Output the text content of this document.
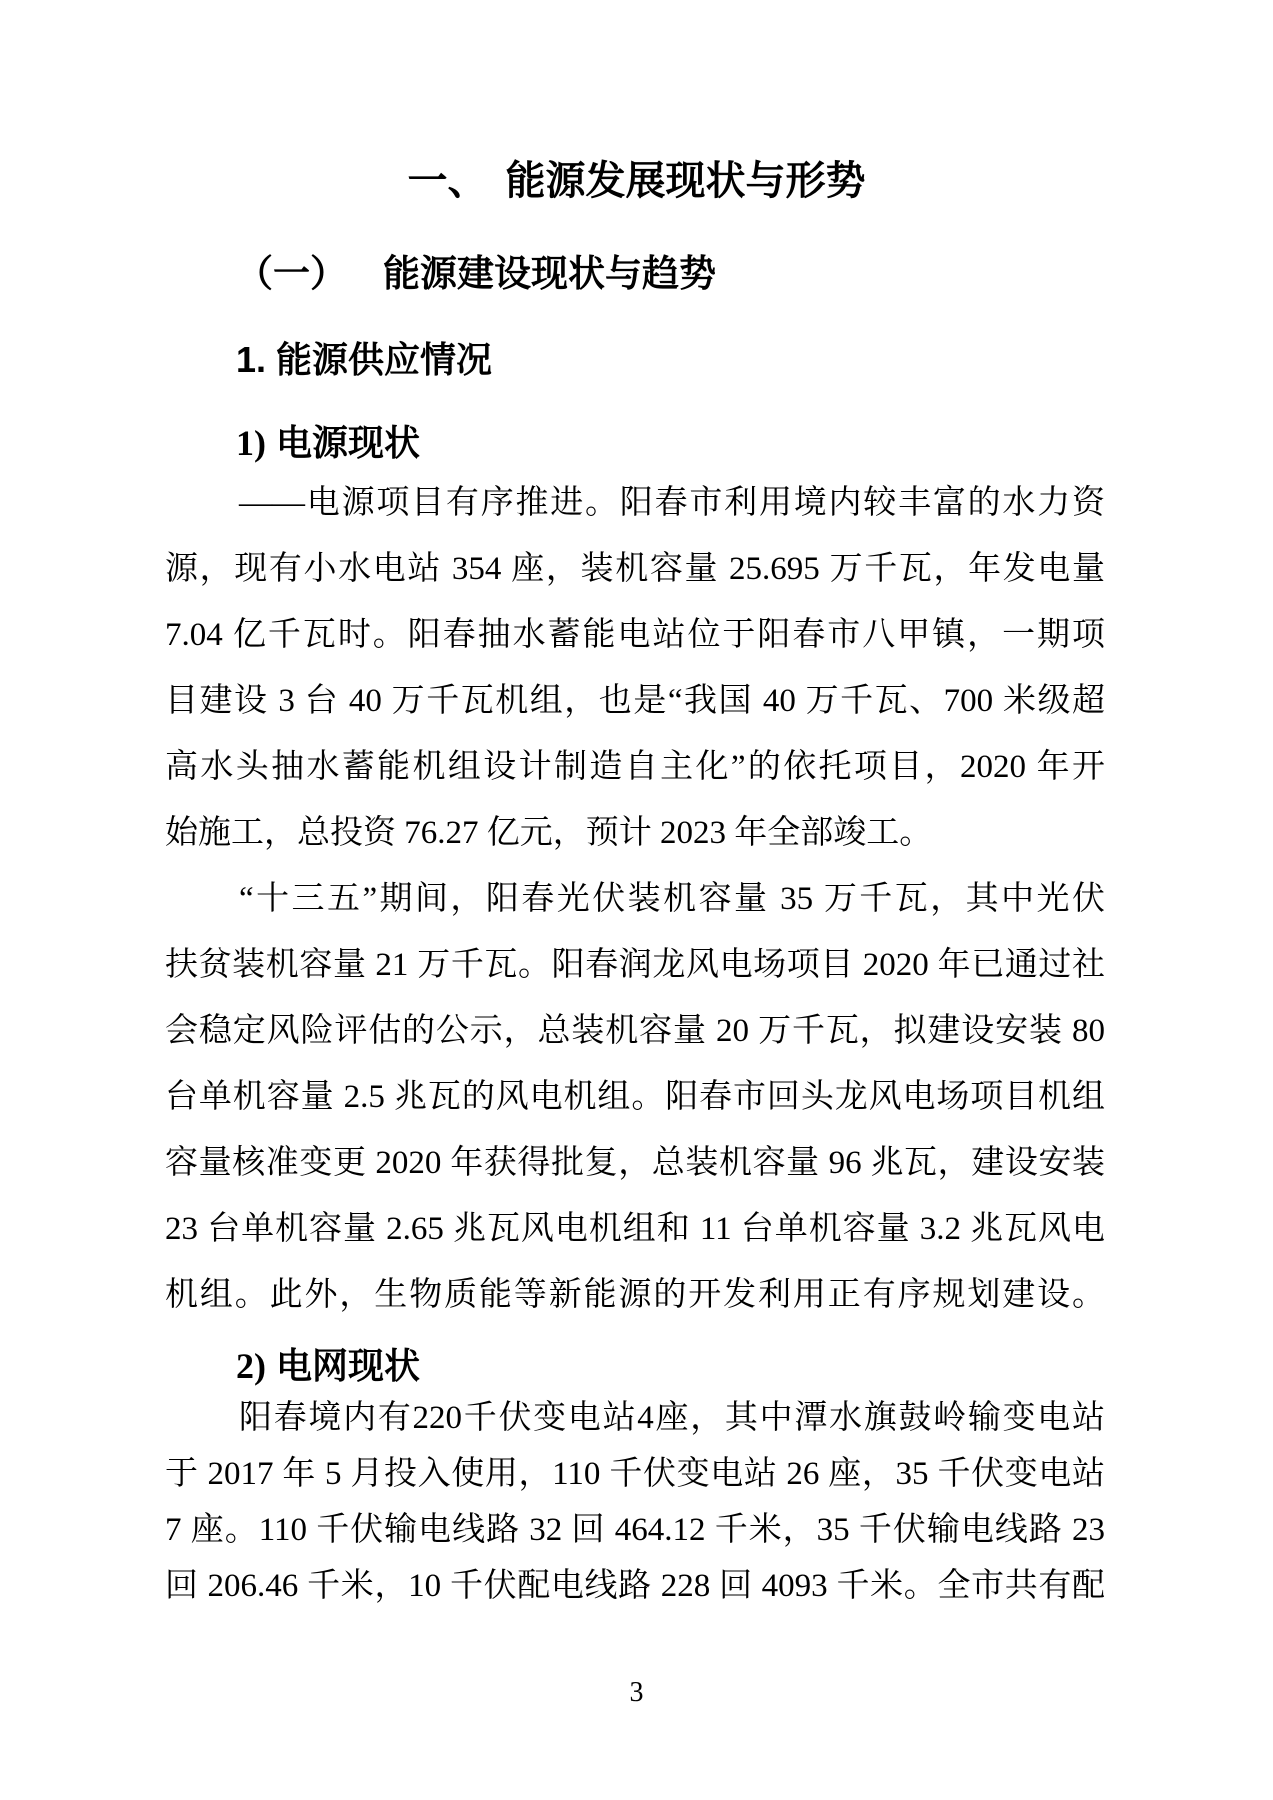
一、 能源发展现状与形势
（一） 能源建设现状与趋势
1. 能源供应情况
1) 电源现状
——电源项目有序推进。阳春市利用境内较丰富的水力资
源，现有小水电站 354 座，装机容量 25.695 万千瓦，年发电量
7.04 亿千瓦时。阳春抽水蓄能电站位于阳春市八甲镇，一期项
目建设 3 台 40 万千瓦机组，也是“我国 40 万千瓦、700 米级超
高水头抽水蓄能机组设计制造自主化”的依托项目，2020 年开
始施工，总投资 76.27 亿元，预计 2023 年全部竣工。
“十三五”期间，阳春光伏装机容量 35 万千瓦，其中光伏
扶贫装机容量 21 万千瓦。阳春润龙风电场项目 2020 年已通过社
会稳定风险评估的公示，总装机容量 20 万千瓦，拟建设安装 80
台单机容量 2.5 兆瓦的风电机组。阳春市回头龙风电场项目机组
容量核准变更 2020 年获得批复，总装机容量 96 兆瓦，建设安装
23 台单机容量 2.65 兆瓦风电机组和 11 台单机容量 3.2 兆瓦风电
机组。此外，生物质能等新能源的开发利用正有序规划建设。
2) 电网现状
阳春境内有220千伏变电站4座，其中潭水旗鼓岭输变电站
于 2017 年 5 月投入使用，110 千伏变电站 26 座，35 千伏变电站
7 座。110 千伏输电线路 32 回 464.12 千米，35 千伏输电线路 23
回 206.46 千米，10 千伏配电线路 228 回 4093 千米。全市共有配
3
